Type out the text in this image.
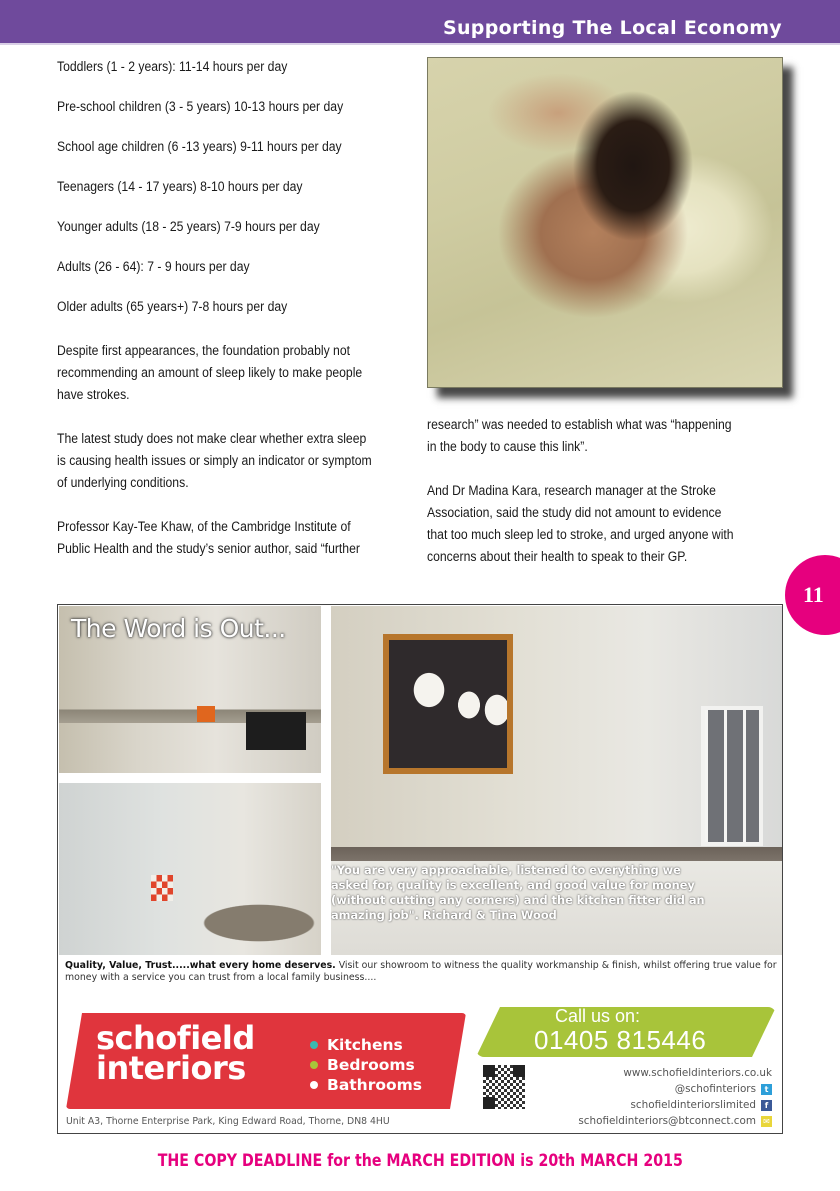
Supporting The Local Economy
Toddlers (1 - 2 years): 11-14 hours per day
Pre-school children (3 - 5 years) 10-13 hours per day
School age children (6 -13 years) 9-11 hours per day
Teenagers (14 - 17 years) 8-10 hours per day
Younger adults (18 - 25 years) 7-9 hours per day
Adults (26 - 64): 7 - 9 hours per day
Older adults (65 years+) 7-8 hours per day
Despite first appearances, the foundation probably not
recommending an amount of sleep likely to make people
have strokes.
The latest study does not make clear whether extra sleep
is causing health issues or simply an indicator or symptom
of underlying conditions.
Professor Kay-Tee Khaw, of the Cambridge Institute of
Public Health and the study’s senior author, said “further
research” was needed to establish what was “happening
in the body to cause this link”.
And Dr Madina Kara, research manager at the Stroke
Association, said the study did not amount to evidence
that too much sleep led to stroke, and urged anyone with
concerns about their health to speak to their GP.
11
The Word is Out...
"You are very approachable, listened to everything we
asked for, quality is excellent, and good value for money
(without cutting any corners) and the kitchen fitter did an
amazing job". Richard & Tina Wood
Quality, Value, Trust.....what every home deserves. Visit our showroom to witness the quality workmanship & finish, whilst offering true value for money with a service you can trust from a local family business....
schofield
interiors
Kitchens
Bedrooms
Bathrooms
Unit A3, Thorne Enterprise Park, King Edward Road, Thorne, DN8 4HU
Call us on:
01405 815446
www.schofieldinteriors.co.uk
@schofinteriors	t
schofieldinteriorslimited	f
schofieldinteriors@btconnect.com ✉
THE COPY DEADLINE for the MARCH EDITION is 20th MARCH 2015
